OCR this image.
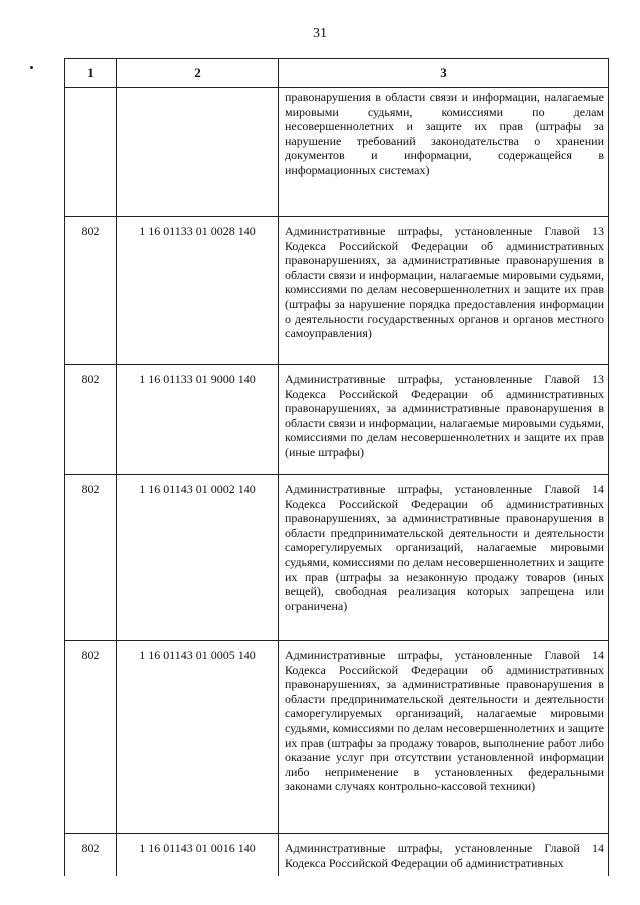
31
1	2	3
		правонарушения в области связи и информации, налагаемые мировыми судьями, комиссиями по делам несовершеннолетних и защите их прав (штрафы за нарушение требований законодательства о хранении документов и информации, содержащейся в информационных системах)
802	1 16 01133 01 0028 140	Административные штрафы, установленные Главой 13 Кодекса Российской Федерации об административных правонарушениях, за административные правонарушения в области связи и информации, налагаемые мировыми судьями, комиссиями по делам несовершеннолетних и защите их прав (штрафы за нарушение порядка предоставления информации о деятельности государственных органов и органов местного самоуправления)
802	1 16 01133 01 9000 140	Административные штрафы, установленные Главой 13 Кодекса Российской Федерации об административных правонарушениях, за административные правонарушения в области связи и информации, налагаемые мировыми судьями, комиссиями по делам несовершеннолетних и защите их прав (иные штрафы)
802	1 16 01143 01 0002 140	Административные штрафы, установленные Главой 14 Кодекса Российской Федерации об административных правонарушениях, за административные правонарушения в области предпринимательской деятельности и деятельности саморегулируемых организаций, налагаемые мировыми судьями, комиссиями по делам несовершеннолетних и защите их прав (штрафы за незаконную продажу товаров (иных вещей), свободная реализация которых запрещена или ограничена)
802	1 16 01143 01 0005 140	Административные штрафы, установленные Главой 14 Кодекса Российской Федерации об административных правонарушениях, за административные правонарушения в области предпринимательской деятельности и деятельности саморегулируемых организаций, налагаемые мировыми судьями, комиссиями по делам несовершеннолетних и защите их прав (штрафы за продажу товаров, выполнение работ либо оказание услуг при отсутствии установленной информации либо неприменение в установленных федеральными законами случаях контрольно-кассовой техники)
802	1 16 01143 01 0016 140	Административные штрафы, установленные Главой 14 Кодекса Российской Федерации об административных
